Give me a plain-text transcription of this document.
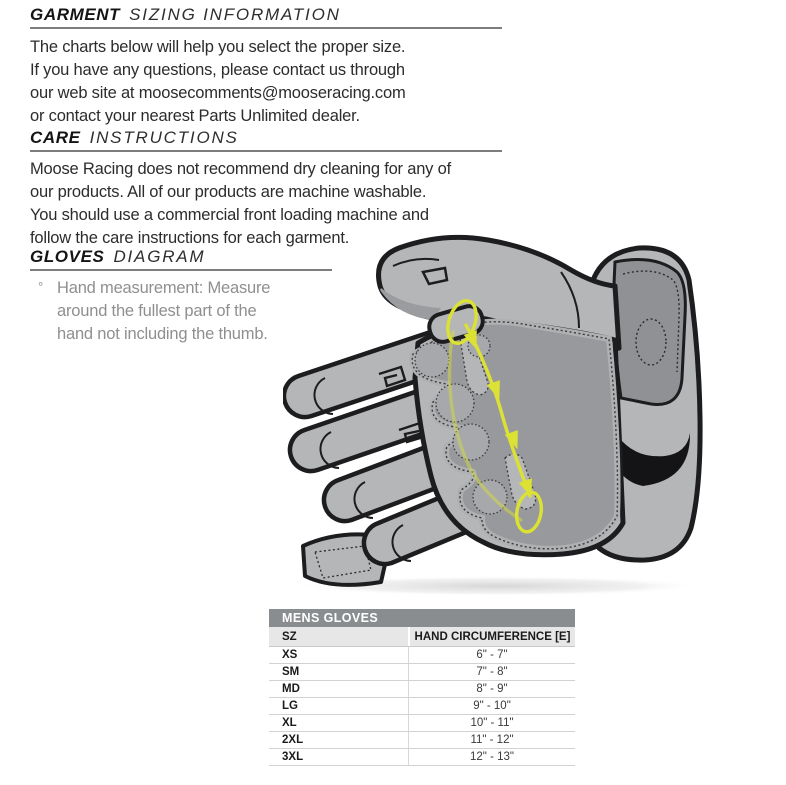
GARMENT SIZING INFORMATION
The charts below will help you select the proper size.
If you have any questions, please contact us through
our web site at moosecomments@mooseracing.com
or contact your nearest Parts Unlimited dealer.
CARE INSTRUCTIONS
Moose Racing does not recommend dry cleaning for any of
our products. All of our products are machine washable.
You should use a commercial front loading machine and
follow the care instructions for each garment.
GLOVES DIAGRAM
° Hand measurement: Measure
around the fullest part of the
hand not including the thumb.
MENS GLOVES
SZ	HAND CIRCUMFERENCE [E]
XS	6" - 7"
SM	7" - 8"
MD	8" - 9"
LG	9" - 10"
XL	10" - 11"
2XL	11" - 12"
3XL	12" - 13"
